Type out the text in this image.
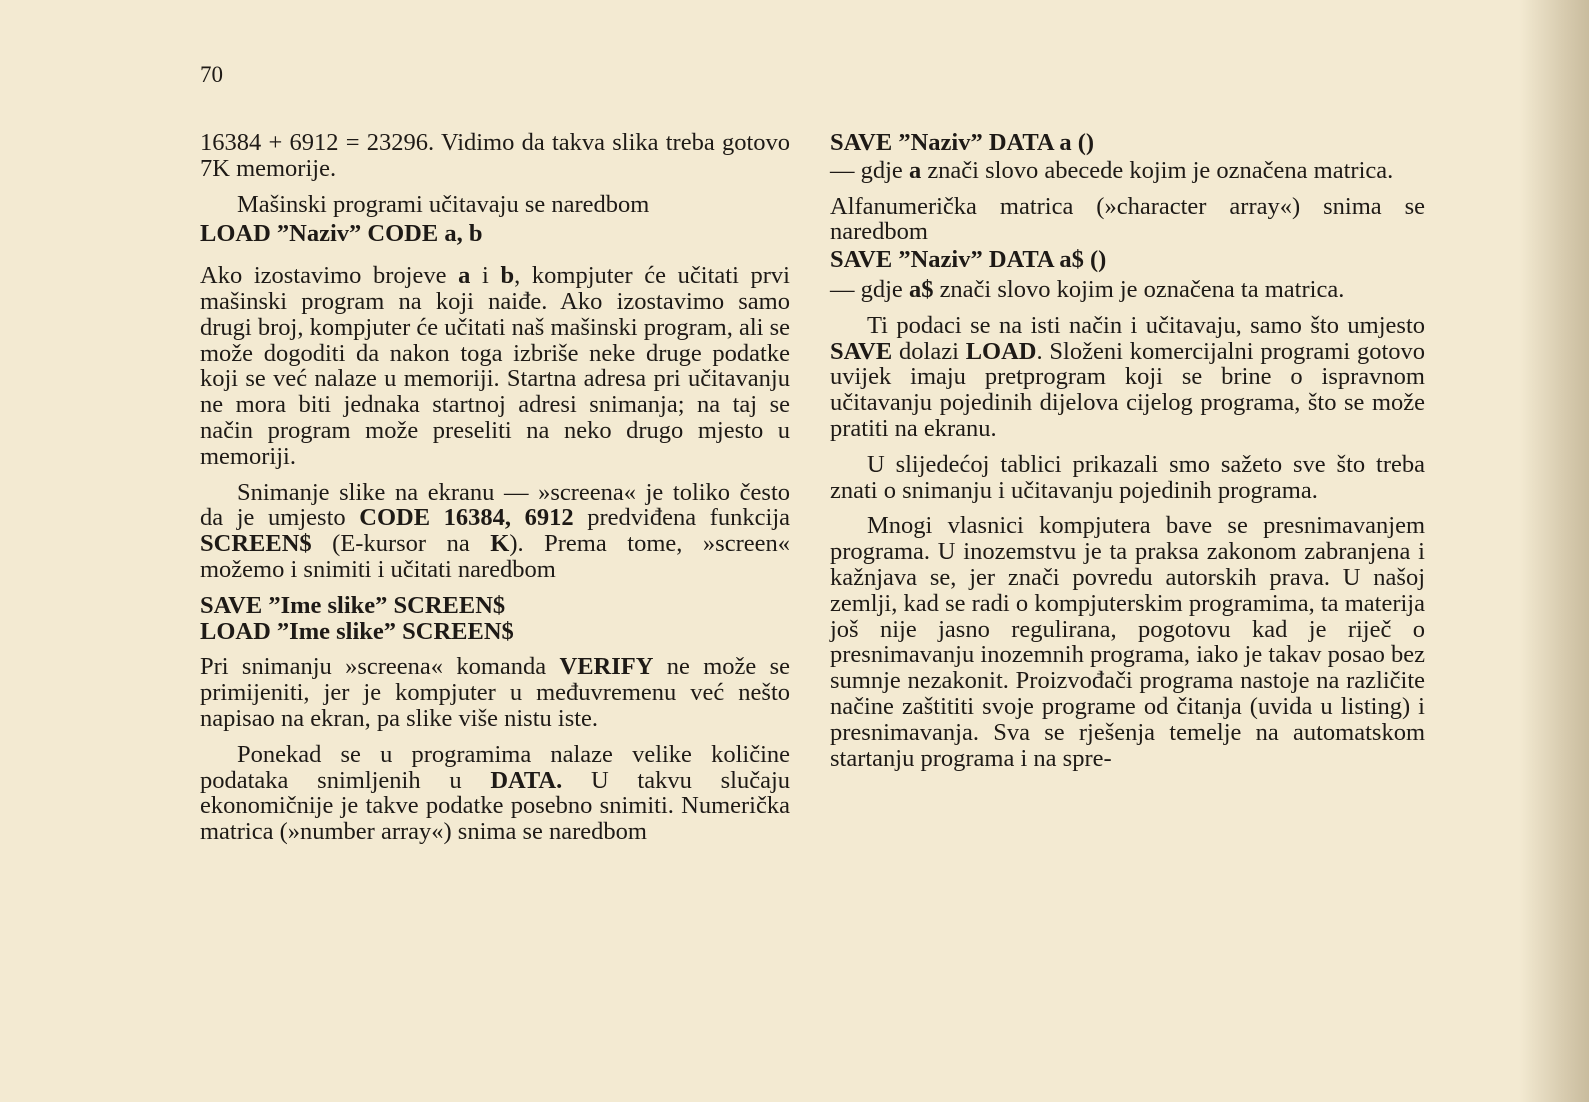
70

16384 + 6912 = 23296. Vidimo da takva slika treba gotovo 7K memorije.

Mašinski programi učitavaju se naredbom

LOAD ”Naziv” CODE a, b

Ako izostavimo brojeve a i b, kompjuter će učitati prvi mašinski program na koji naiđe. Ako izostavimo samo drugi broj, kompjuter će učitati naš mašinski program, ali se može dogoditi da nakon toga izbriše neke druge podatke koji se već nalaze u memoriji. Startna adresa pri učitavanju ne mora biti jednaka startnoj adresi snimanja; na taj se način program može preseliti na neko drugo mjesto u memoriji.

Snimanje slike na ekranu — »screena« je toliko često da je umjesto CODE 16384, 6912 predviđena funkcija SCREEN$ (E-kursor na K). Prema tome, »screen« možemo i snimiti i učitati naredbom

SAVE ”Ime slike” SCREEN$
LOAD ”Ime slike” SCREEN$

Pri snimanju »screena« komanda VERIFY ne može se primijeniti, jer je kompjuter u međuvremenu već nešto napisao na ekran, pa slike više nistu iste.

Ponekad se u programima nalaze velike količine podataka snimljenih u DATA. U takvu slučaju ekonomičnije je takve podatke posebno snimiti. Numerička matrica (»number array«) snima se naredbom

SAVE ”Naziv” DATA a ()

— gdje a znači slovo abecede kojim je označena matrica.

Alfanumerička matrica (»character array«) snima se naredbom

SAVE ”Naziv” DATA a$ ()

— gdje a$ znači slovo kojim je označena ta matrica.

Ti podaci se na isti način i učitavaju, samo što umjesto SAVE dolazi LOAD. Složeni komercijalni programi gotovo uvijek imaju pretprogram koji se brine o ispravnom učitavanju pojedinih dijelova cijelog programa, što se može pratiti na ekranu.

U slijedećoj tablici prikazali smo sažeto sve što treba znati o snimanju i učitavanju pojedinih programa.

Mnogi vlasnici kompjutera bave se presnimavanjem programa. U inozemstvu je ta praksa zakonom zabranjena i kažnjava se, jer znači povredu autorskih prava. U našoj zemlji, kad se radi o kompjuterskim programima, ta materija još nije jasno regulirana, pogotovu kad je riječ o presnimavanju inozemnih programa, iako je takav posao bez sumnje nezakonit. Proizvođači programa nastoje na različite načine zaštititi svoje programe od čitanja (uvida u listing) i presnimavanja. Sva se rješenja temelje na automatskom startanju programa i na spre-
